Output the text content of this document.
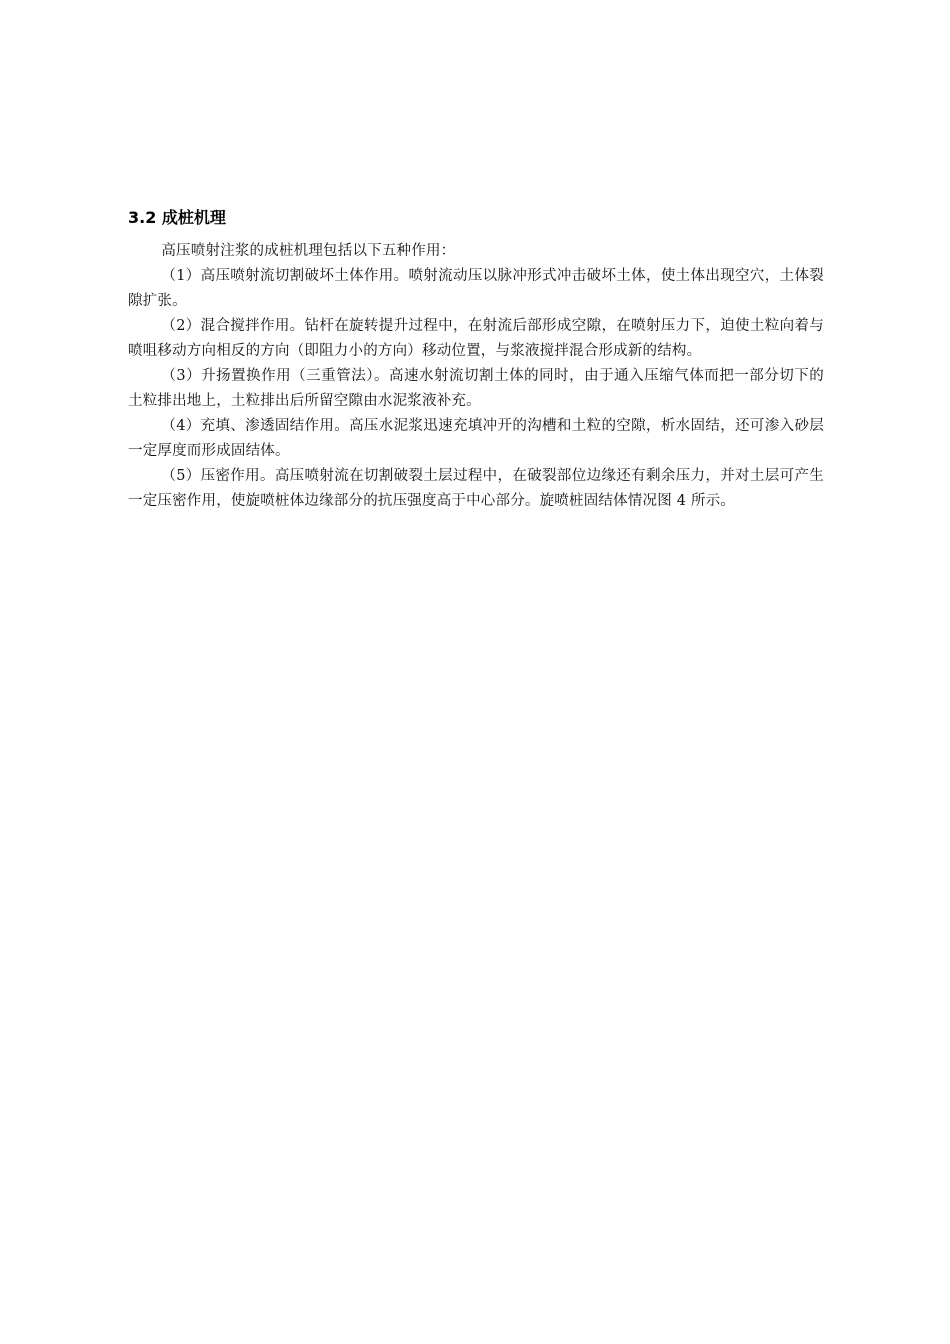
3.2 成桩机理

高压喷射注浆的成桩机理包括以下五种作用：

（1）高压喷射流切割破坏土体作用。喷射流动压以脉冲形式冲击破坏土体，使土体出现空穴，土体裂隙扩张。

（2）混合搅拌作用。钻杆在旋转提升过程中，在射流后部形成空隙，在喷射压力下，迫使土粒向着与喷咀移动方向相反的方向（即阻力小的方向）移动位置，与浆液搅拌混合形成新的结构。

（3）升扬置换作用（三重管法）。高速水射流切割土体的同时，由于通入压缩气体而把一部分切下的土粒排出地上，土粒排出后所留空隙由水泥浆液补充。

（4）充填、渗透固结作用。高压水泥浆迅速充填冲开的沟槽和土粒的空隙，析水固结，还可渗入砂层一定厚度而形成固结体。

（5）压密作用。高压喷射流在切割破裂土层过程中，在破裂部位边缘还有剩余压力，并对土层可产生一定压密作用，使旋喷桩体边缘部分的抗压强度高于中心部分。旋喷桩固结体情况图 4 所示。
